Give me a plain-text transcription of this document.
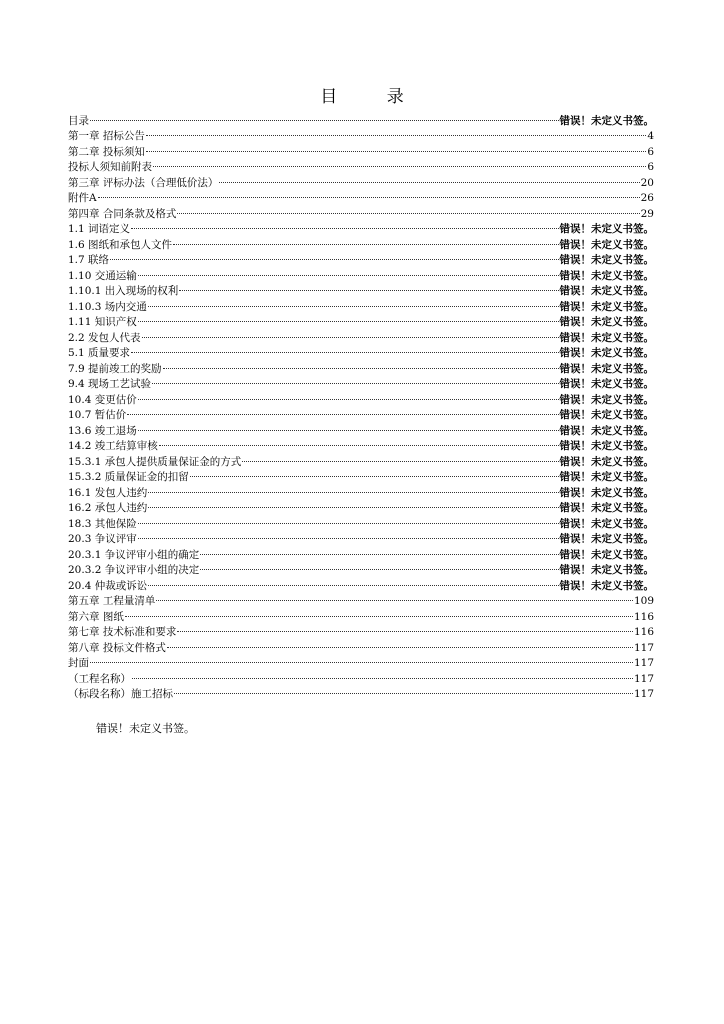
目 录
目录	错误！未定义书签。
第一章 招标公告	4
第二章 投标须知	6
投标人须知前附表	6
第三章 评标办法（合理低价法）	20
附件A	26
第四章 合同条款及格式	29
1.1 词语定义	错误！未定义书签。
1.6 图纸和承包人文件	错误！未定义书签。
1.7 联络	错误！未定义书签。
1.10 交通运输	错误！未定义书签。
1.10.1 出入现场的权利	错误！未定义书签。
1.10.3 场内交通	错误！未定义书签。
1.11 知识产权	错误！未定义书签。
2.2 发包人代表	错误！未定义书签。
5.1 质量要求	错误！未定义书签。
7.9 提前竣工的奖励	错误！未定义书签。
9.4 现场工艺试验	错误！未定义书签。
10.4 变更估价	错误！未定义书签。
10.7 暂估价	错误！未定义书签。
13.6 竣工退场	错误！未定义书签。
14.2 竣工结算审核	错误！未定义书签。
15.3.1 承包人提供质量保证金的方式	错误！未定义书签。
15.3.2 质量保证金的扣留	错误！未定义书签。
16.1 发包人违约	错误！未定义书签。
16.2 承包人违约	错误！未定义书签。
18.3 其他保险	错误！未定义书签。
20.3 争议评审	错误！未定义书签。
20.3.1 争议评审小组的确定	错误！未定义书签。
20.3.2 争议评审小组的决定	错误！未定义书签。
20.4 仲裁或诉讼	错误！未定义书签。
第五章 工程量清单	109
第六章 图纸	116
第七章 技术标准和要求	116
第八章 投标文件格式	117
封面	117
（工程名称）	117
（标段名称）施工招标	117
错误！未定义书签。
